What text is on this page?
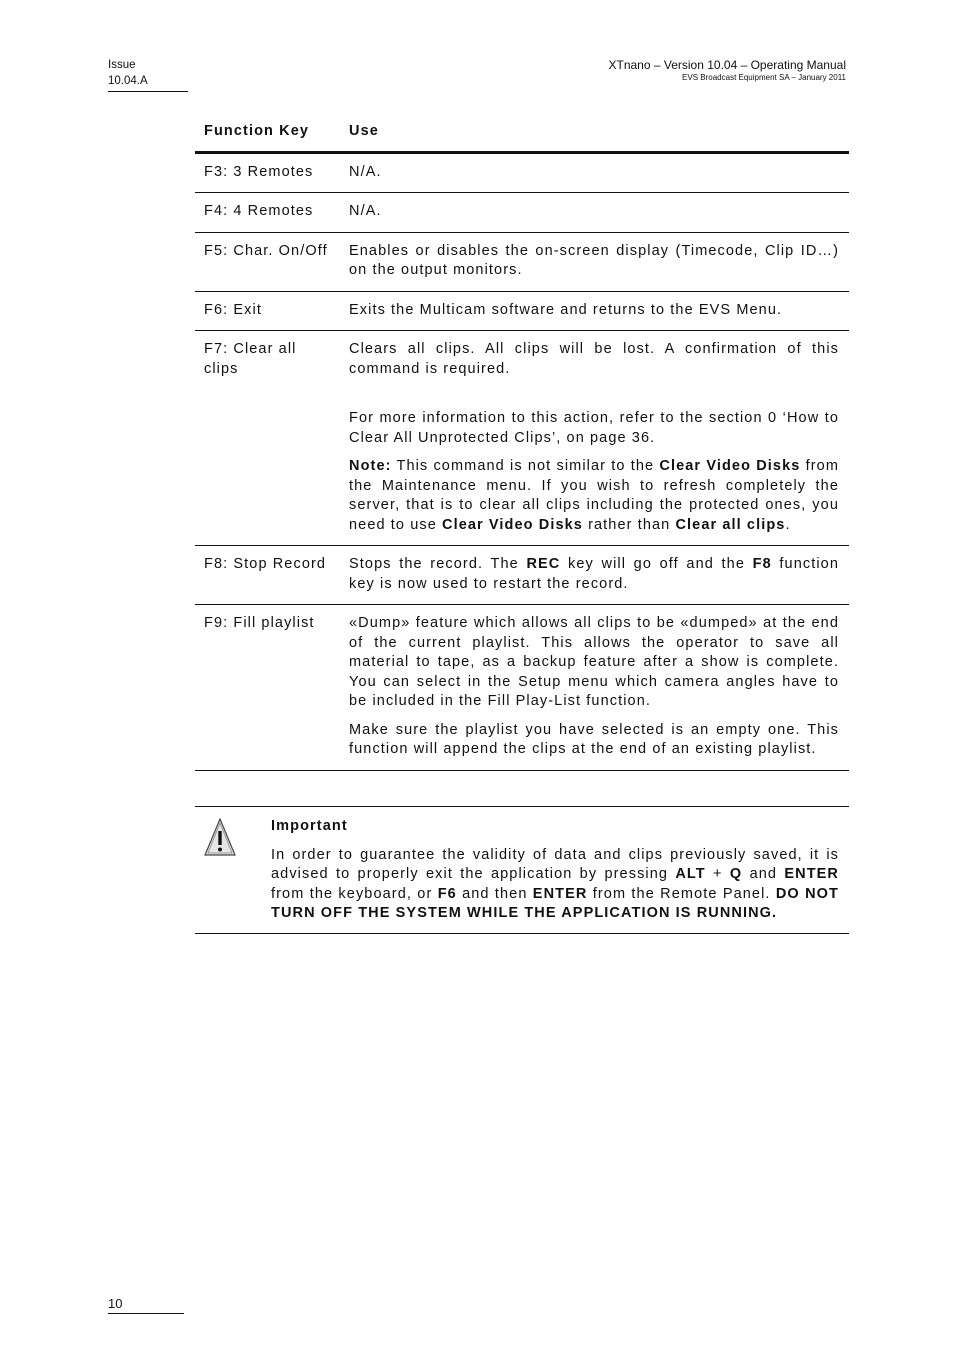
Issue
10.04.A
XTnano – Version 10.04 – Operating Manual
EVS Broadcast Equipment SA – January 2011
Function Key	Use
F3: 3 Remotes	N/A.
F4: 4 Remotes	N/A.
F5: Char. On/Off	Enables or disables the on-screen display (Timecode, Clip ID…) on the output monitors.
F6: Exit	Exits the Multicam software and returns to the EVS Menu.
F7: Clear all clips	Clears all clips. All clips will be lost. A confirmation of this command is required.

For more information to this action, refer to the section 0 ‘How to Clear All Unprotected Clips’, on page 36.

Note: This command is not similar to the Clear Video Disks from the Maintenance menu. If you wish to refresh completely the server, that is to clear all clips including the protected ones, you need to use Clear Video Disks rather than Clear all clips.

F8: Stop Record	Stops the record. The REC key will go off and the F8 function key is now used to restart the record.
F9: Fill playlist	«Dump» feature which allows all clips to be «dumped» at the end of the current playlist. This allows the operator to save all material to tape, as a backup feature after a show is complete. You can select in the Setup menu which camera angles have to be included in the Fill Play-List function.

Make sure the playlist you have selected is an empty one. This function will append the clips at the end of an existing playlist.

Important
In order to guarantee the validity of data and clips previously saved, it is advised to properly exit the application by pressing ALT + Q and ENTER from the keyboard, or F6 and then ENTER from the Remote Panel. DO NOT TURN OFF THE SYSTEM WHILE THE APPLICATION IS RUNNING.
10
